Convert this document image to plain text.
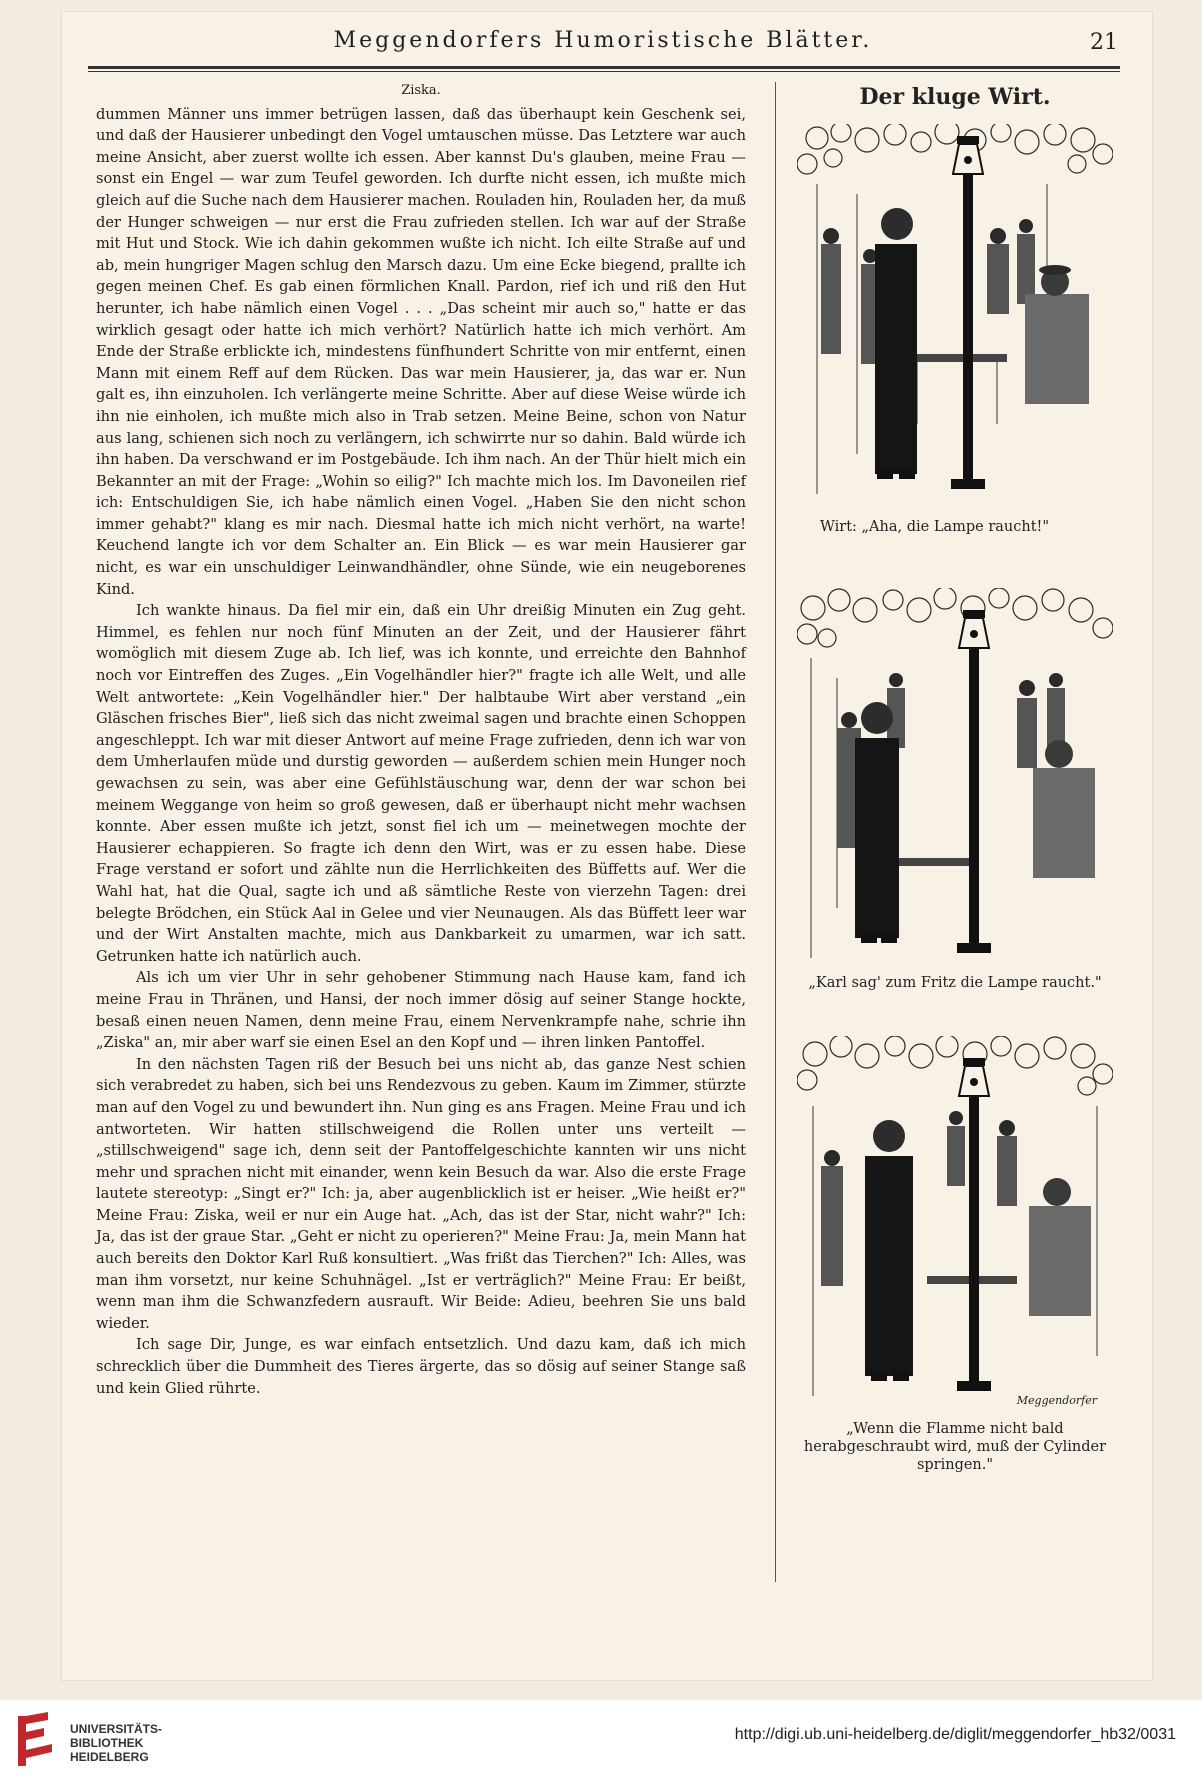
Meggendorfers Humoristische Blätter.	21
Ziska.

dummen Männer uns immer betrügen lassen, daß das überhaupt kein Geschenk sei, und daß der Hausierer unbedingt den Vogel umtauschen müsse. Das Letztere war auch meine Ansicht, aber zuerst wollte ich essen. Aber kannst Du's glauben, meine Frau — sonst ein Engel — war zum Teufel geworden. Ich durfte nicht essen, ich mußte mich gleich auf die Suche nach dem Hausierer machen. Rouladen hin, Rouladen her, da muß der Hunger schweigen — nur erst die Frau zufrieden stellen. Ich war auf der Straße mit Hut und Stock. Wie ich dahin gekommen wußte ich nicht. Ich eilte Straße auf und ab, mein hungriger Magen schlug den Marsch dazu. Um eine Ecke biegend, prallte ich gegen meinen Chef. Es gab einen förmlichen Knall. Pardon, rief ich und riß den Hut herunter, ich habe nämlich einen Vogel . . . „Das scheint mir auch so," hatte er das wirklich gesagt oder hatte ich mich verhört? Natürlich hatte ich mich verhört. Am Ende der Straße erblickte ich, mindestens fünfhundert Schritte von mir entfernt, einen Mann mit einem Reff auf dem Rücken. Das war mein Hausierer, ja, das war er. Nun galt es, ihn einzuholen. Ich verlängerte meine Schritte. Aber auf diese Weise würde ich ihn nie einholen, ich mußte mich also in Trab setzen. Meine Beine, schon von Natur aus lang, schienen sich noch zu verlängern, ich schwirrte nur so dahin. Bald würde ich ihn haben. Da verschwand er im Postgebäude. Ich ihm nach. An der Thür hielt mich ein Bekannter an mit der Frage: „Wohin so eilig?" Ich machte mich los. Im Davoneilen rief ich: Entschuldigen Sie, ich habe nämlich einen Vogel. „Haben Sie den nicht schon immer gehabt?" klang es mir nach. Diesmal hatte ich mich nicht verhört, na warte! Keuchend langte ich vor dem Schalter an. Ein Blick — es war mein Hausierer gar nicht, es war ein unschuldiger Leinwandhändler, ohne Sünde, wie ein neugeborenes Kind.

Ich wankte hinaus. Da fiel mir ein, daß ein Uhr dreißig Minuten ein Zug geht. Himmel, es fehlen nur noch fünf Minuten an der Zeit, und der Hausierer fährt womöglich mit diesem Zuge ab. Ich lief, was ich konnte, und erreichte den Bahnhof noch vor Eintreffen des Zuges. „Ein Vogelhändler hier?" fragte ich alle Welt, und alle Welt antwortete: „Kein Vogelhändler hier." Der halbtaube Wirt aber verstand „ein Gläschen frisches Bier", ließ sich das nicht zweimal sagen und brachte einen Schoppen angeschleppt. Ich war mit dieser Antwort auf meine Frage zufrieden, denn ich war von dem Umherlaufen müde und durstig geworden — außerdem schien mein Hunger noch gewachsen zu sein, was aber eine Gefühlstäuschung war, denn der war schon bei meinem Weggange von heim so groß gewesen, daß er überhaupt nicht mehr wachsen konnte. Aber essen mußte ich jetzt, sonst fiel ich um — meinetwegen mochte der Hausierer echappieren. So fragte ich denn den Wirt, was er zu essen habe. Diese Frage verstand er sofort und zählte nun die Herrlichkeiten des Büffetts auf. Wer die Wahl hat, hat die Qual, sagte ich und aß sämtliche Reste von vierzehn Tagen: drei belegte Brödchen, ein Stück Aal in Gelee und vier Neunaugen. Als das Büffett leer war und der Wirt Anstalten machte, mich aus Dankbarkeit zu umarmen, war ich satt. Getrunken hatte ich natürlich auch.

Als ich um vier Uhr in sehr gehobener Stimmung nach Hause kam, fand ich meine Frau in Thränen, und Hansi, der noch immer dösig auf seiner Stange hockte, besaß einen neuen Namen, denn meine Frau, einem Nervenkrampfe nahe, schrie ihn „Ziska" an, mir aber warf sie einen Esel an den Kopf und — ihren linken Pantoffel.

In den nächsten Tagen riß der Besuch bei uns nicht ab, das ganze Nest schien sich verabredet zu haben, sich bei uns Rendezvous zu geben. Kaum im Zimmer, stürzte man auf den Vogel zu und bewundert ihn. Nun ging es ans Fragen. Meine Frau und ich antworteten. Wir hatten stillschweigend die Rollen unter uns verteilt — „stillschweigend" sage ich, denn seit der Pantoffelgeschichte kannten wir uns nicht mehr und sprachen nicht mit einander, wenn kein Besuch da war. Also die erste Frage lautete stereotyp: „Singt er?" Ich: ja, aber augenblicklich ist er heiser. „Wie heißt er?" Meine Frau: Ziska, weil er nur ein Auge hat. „Ach, das ist der Star, nicht wahr?" Ich: Ja, das ist der graue Star. „Geht er nicht zu operieren?" Meine Frau: Ja, mein Mann hat auch bereits den Doktor Karl Ruß konsultiert. „Was frißt das Tierchen?" Ich: Alles, was man ihm vorsetzt, nur keine Schuhnägel. „Ist er verträglich?" Meine Frau: Er beißt, wenn man ihm die Schwanzfedern ausrauft. Wir Beide: Adieu, beehren Sie uns bald wieder.

Ich sage Dir, Junge, es war einfach entsetzlich. Und dazu kam, daß ich mich schrecklich über die Dummheit des Tieres ärgerte, das so dösig auf seiner Stange saß und kein Glied rührte.

Der kluge Wirt.
Wirt: „Aha, die Lampe raucht!"
„Karl sag' zum Fritz die Lampe raucht."
Meggendorfer
„Wenn die Flamme nicht bald herabgeschraubt wird, muß der Cylinder springen."
UNIVERSITÄTS-
BIBLIOTHEK
HEIDELBERG
http://digi.ub.uni-heidelberg.de/diglit/meggendorfer_hb32/0031
